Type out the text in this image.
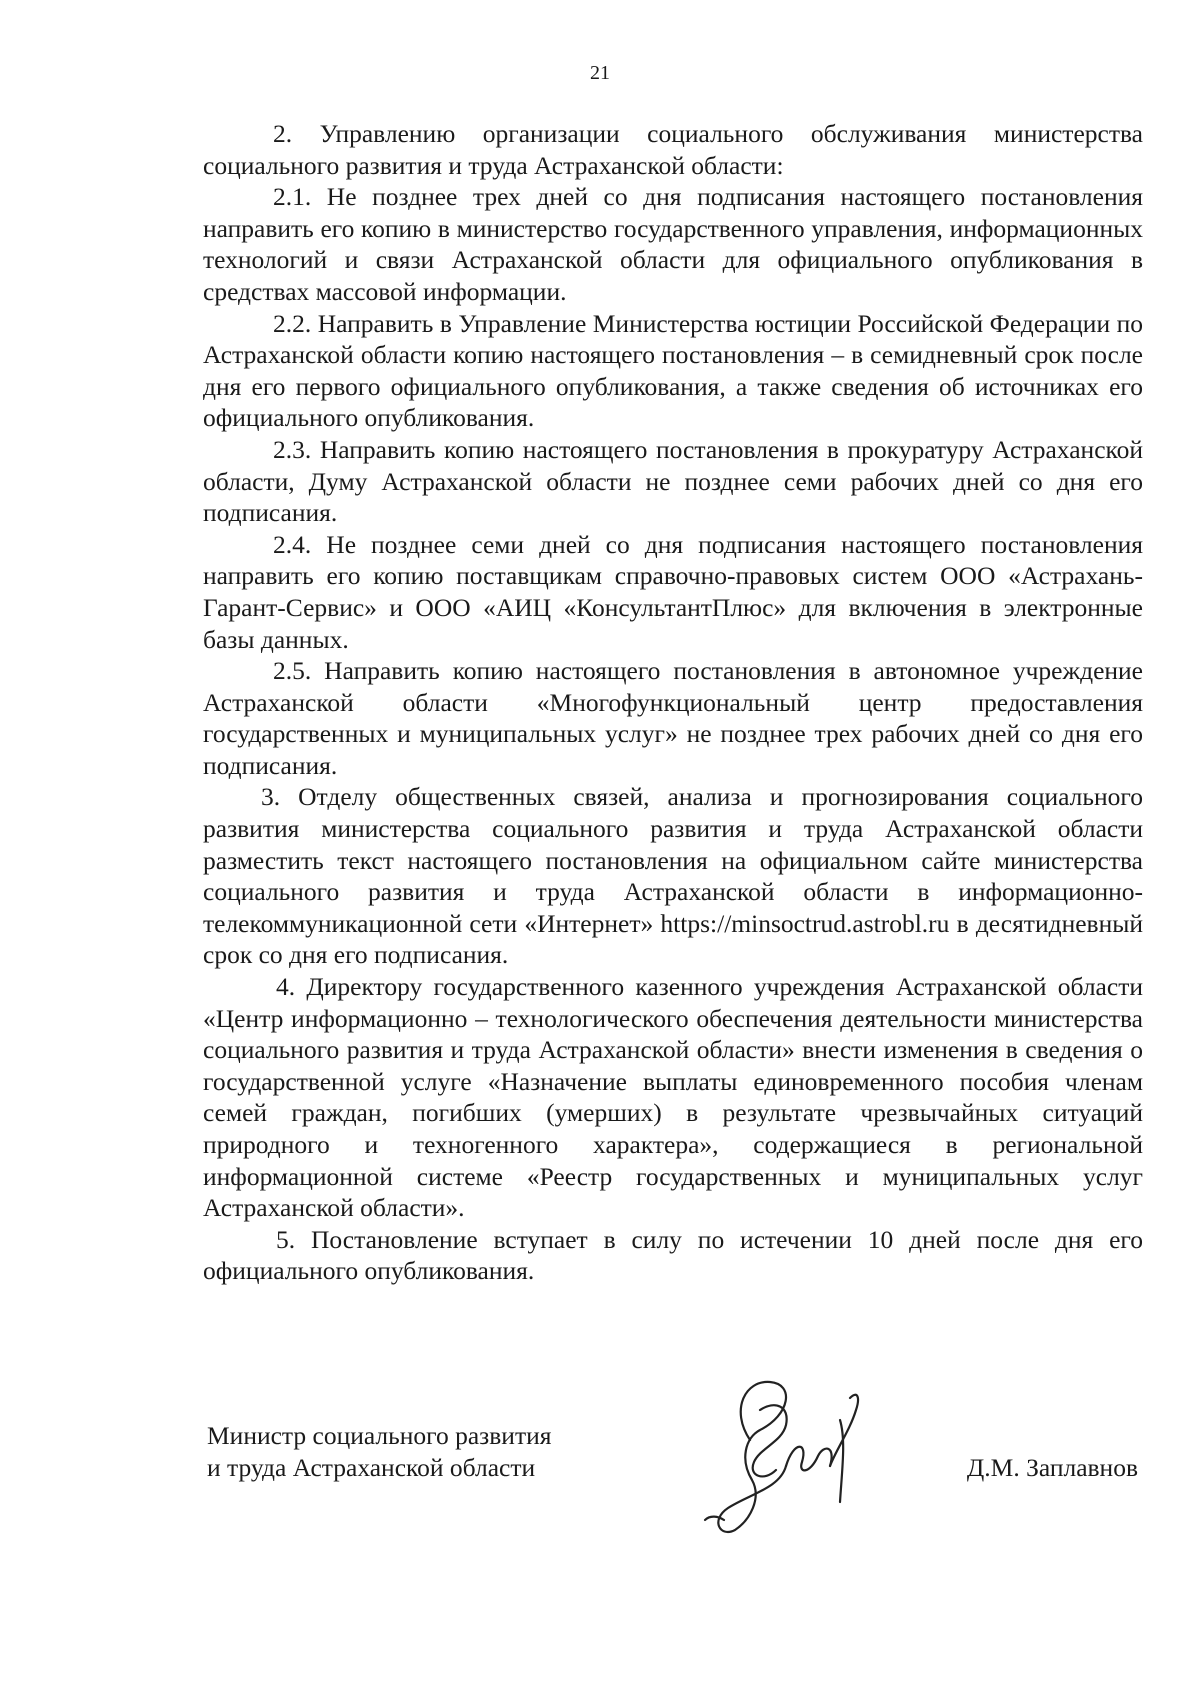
21

2. Управлению организации социального обслуживания министерства социального развития и труда Астраханской области:

2.1. Не позднее трех дней со дня подписания настоящего постановления направить его копию в министерство государственного управления, информационных технологий и связи Астраханской области для официального опубликования в средствах массовой информации.

2.2. Направить в Управление Министерства юстиции Российской Федерации по Астраханской области копию настоящего постановления – в семидневный срок после дня его первого официального опубликования, а также сведения об источниках его официального опубликования.

2.3. Направить копию настоящего постановления в прокуратуру Астраханской области, Думу Астраханской области не позднее семи рабочих дней со дня его подписания.

2.4. Не позднее семи дней со дня подписания настоящего постановления направить его копию поставщикам справочно-правовых систем ООО «Астрахань-Гарант-Сервис» и ООО «АИЦ «КонсультантПлюс» для включения в электронные базы данных.

2.5. Направить копию настоящего постановления в автономное учреждение Астраханской области «Многофункциональный центр предоставления государственных и муниципальных услуг» не позднее трех рабочих дней со дня его подписания.

3. Отделу общественных связей, анализа и прогнозирования социального развития министерства социального развития и труда Астраханской области разместить текст настоящего постановления на официальном сайте министерства социального развития и труда Астраханской области в информационно-телекоммуникационной сети «Интернет» https://minsoctrud.astrobl.ru в десятидневный срок со дня его подписания.

4. Директору государственного казенного учреждения Астраханской области «Центр информационно – технологического обеспечения деятельности министерства социального развития и труда Астраханской области» внести изменения в сведения о государственной услуге «Назначение выплаты единовременного пособия членам семей граждан, погибших (умерших) в результате чрезвычайных ситуаций природного и техногенного характера», содержащиеся в региональной информационной системе «Реестр государственных и муниципальных услуг Астраханской области».

5. Постановление вступает в силу по истечении 10 дней после дня его официального опубликования.

Министр социального развития
и труда Астраханской области	Д.М. Заплавнов
